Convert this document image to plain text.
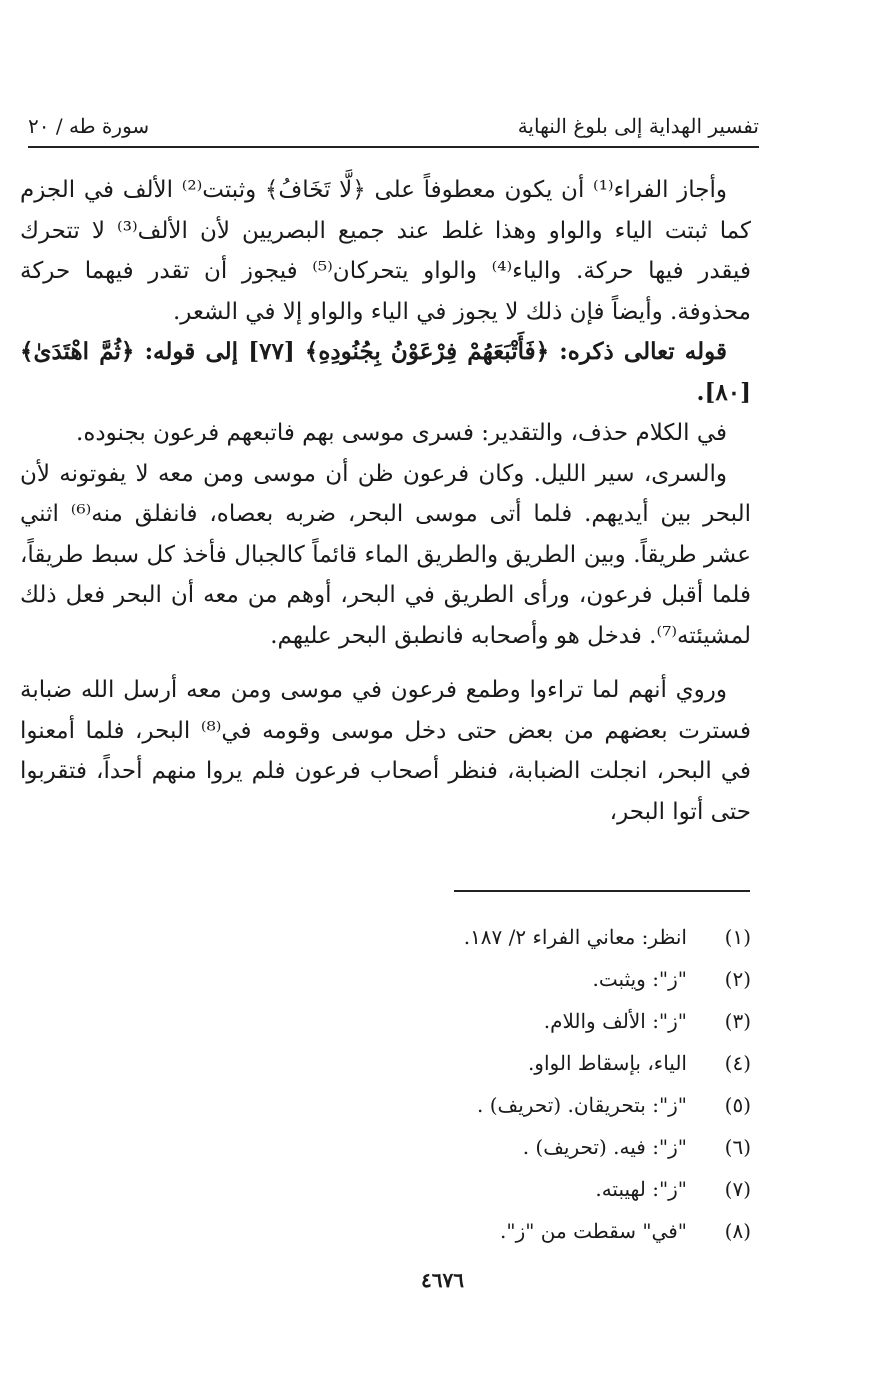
تفسير الهداية إلى بلوغ النهاية
سورة طه / ٢٠

وأجاز الفراء⁽¹⁾ أن يكون معطوفاً على ﴿لَّا تَخَافُ﴾ وثبتت⁽²⁾ الألف في الجزم كما ثبتت الياء والواو وهذا غلط عند جميع البصريين لأن الألف⁽³⁾ لا تتحرك فيقدر فيها حركة. والياء⁽⁴⁾ والواو يتحركان⁽⁵⁾ فيجوز أن تقدر فيهما حركة محذوفة. وأيضاً فإن ذلك لا يجوز في الياء والواو إلا في الشعر.

قوله تعالى ذكره: ﴿فَأَتْبَعَهُمْ فِرْعَوْنُ بِجُنُودِهِ﴾ [٧٧] إلى قوله: ﴿ثُمَّ اهْتَدَىٰ﴾ [٨٠].

في الكلام حذف، والتقدير: فسرى موسى بهم فاتبعهم فرعون بجنوده.

والسرى، سير الليل. وكان فرعون ظن أن موسى ومن معه لا يفوتونه لأن البحر بين أيديهم. فلما أتى موسى البحر، ضربه بعصاه، فانفلق منه⁽⁶⁾ اثني عشر طريقاً. وبين الطريق والطريق الماء قائماً كالجبال فأخذ كل سبط طريقاً، فلما أقبل فرعون، ورأى الطريق في البحر، أوهم من معه أن البحر فعل ذلك لمشيئته⁽⁷⁾. فدخل هو وأصحابه فانطبق البحر عليهم.

وروي أنهم لما تراءوا وطمع فرعون في موسى ومن معه أرسل الله ضبابة فسترت بعضهم من بعض حتى دخل موسى وقومه في⁽⁸⁾ البحر، فلما أمعنوا في البحر، انجلت الضبابة، فنظر أصحاب فرعون فلم يروا منهم أحداً، فتقربوا حتى أتوا البحر،

(١)
انظر: معاني الفراء ٢/ ١٨٧.
(٢)
"ز": ويثبت.
(٣)
"ز": الألف واللام.
(٤)
الياء، بإسقاط الواو.
(٥)
"ز": بتحريقان. (تحريف) .
(٦)
"ز": فيه. (تحريف) .
(٧)
"ز": لهيبته.
(٨)
"في" سقطت من "ز".
٤٦٧٦
